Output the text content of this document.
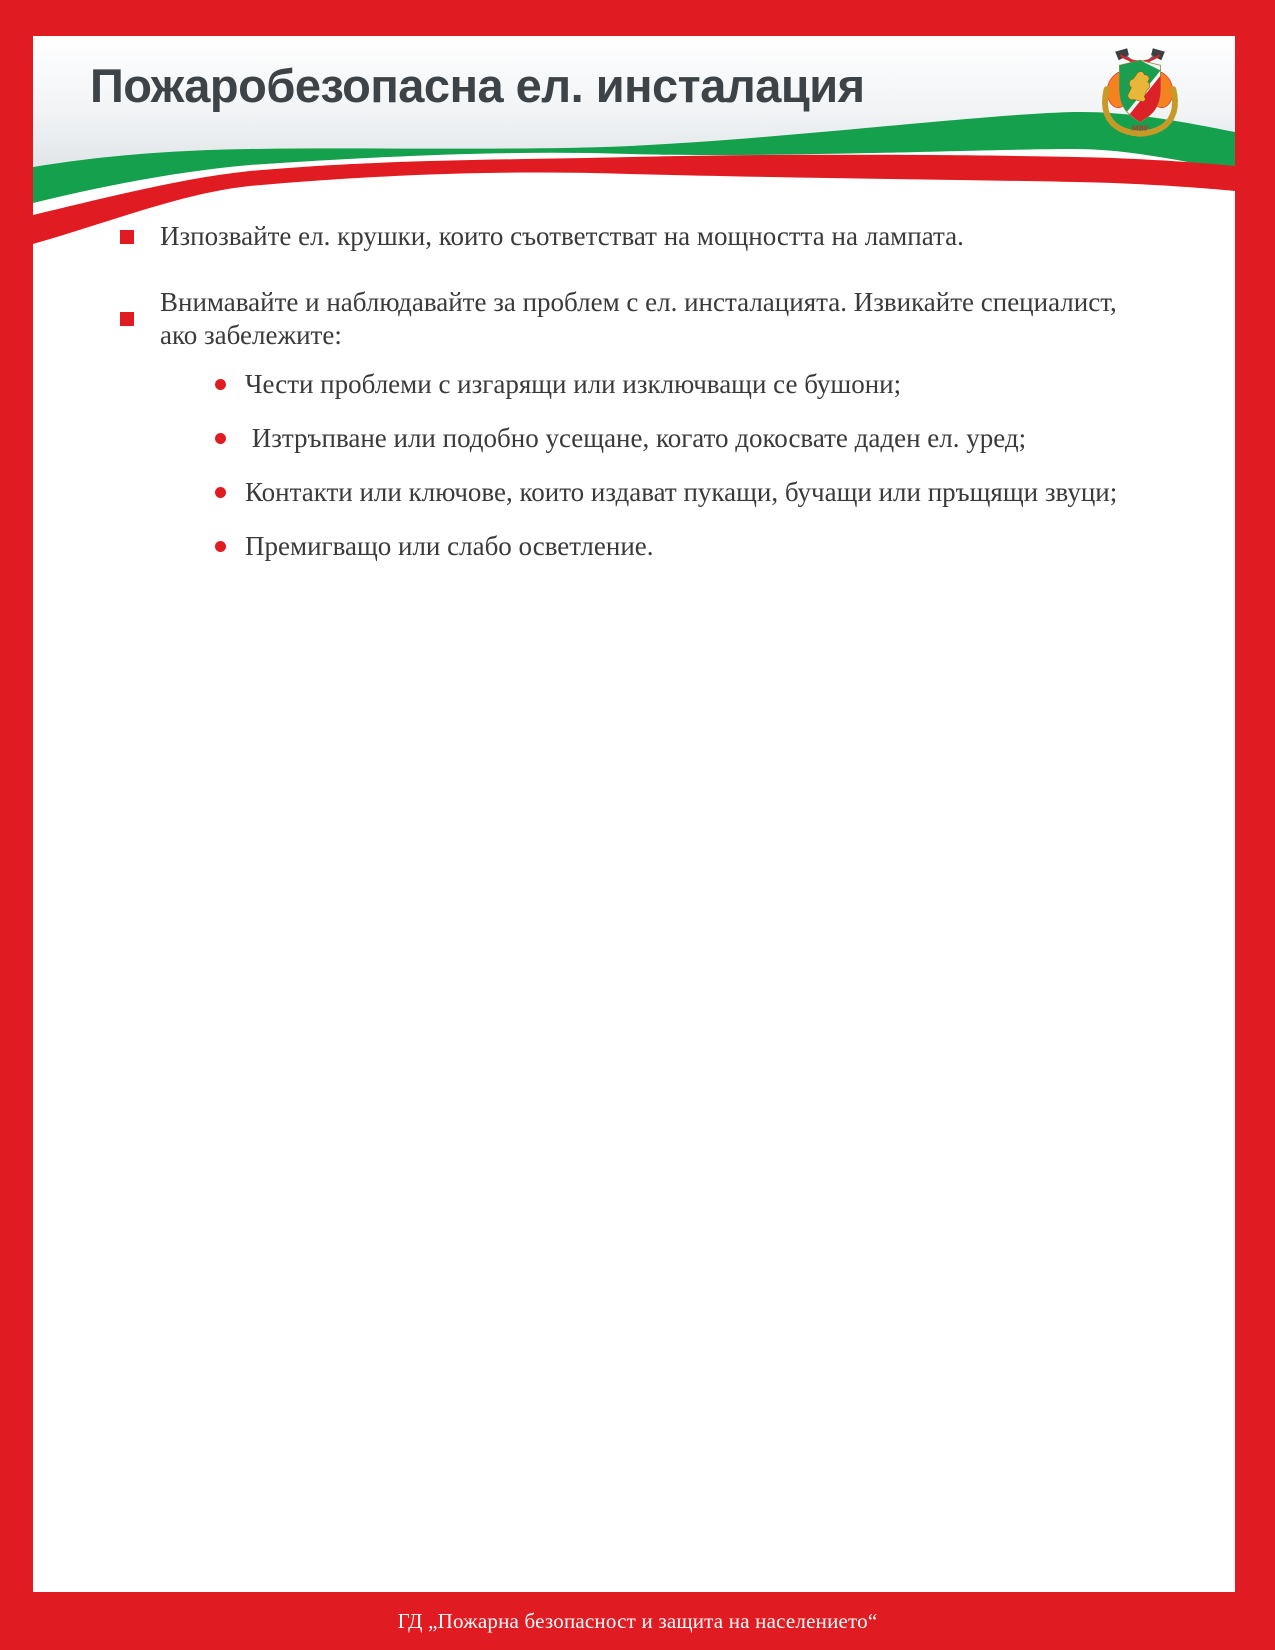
Пожаробезопасна ел. инсталация
МВР
Изпозвайте ел. крушки, които съответстват на мощността на лампата.
Внимавайте и наблюдавайте за проблем с ел. инсталацията. Извикайте специалист, ако забележите:
Чести проблеми с изгарящи или изключващи се бушони;
Изтръпване или подобно усещане, когато докосвате даден ел. уред;
Контакти или ключове, които издават пукащи, бучащи или пръщящи звуци;
Премигващо или слабо осветление.
ГД „Пожарна безопасност и защита на населението“
